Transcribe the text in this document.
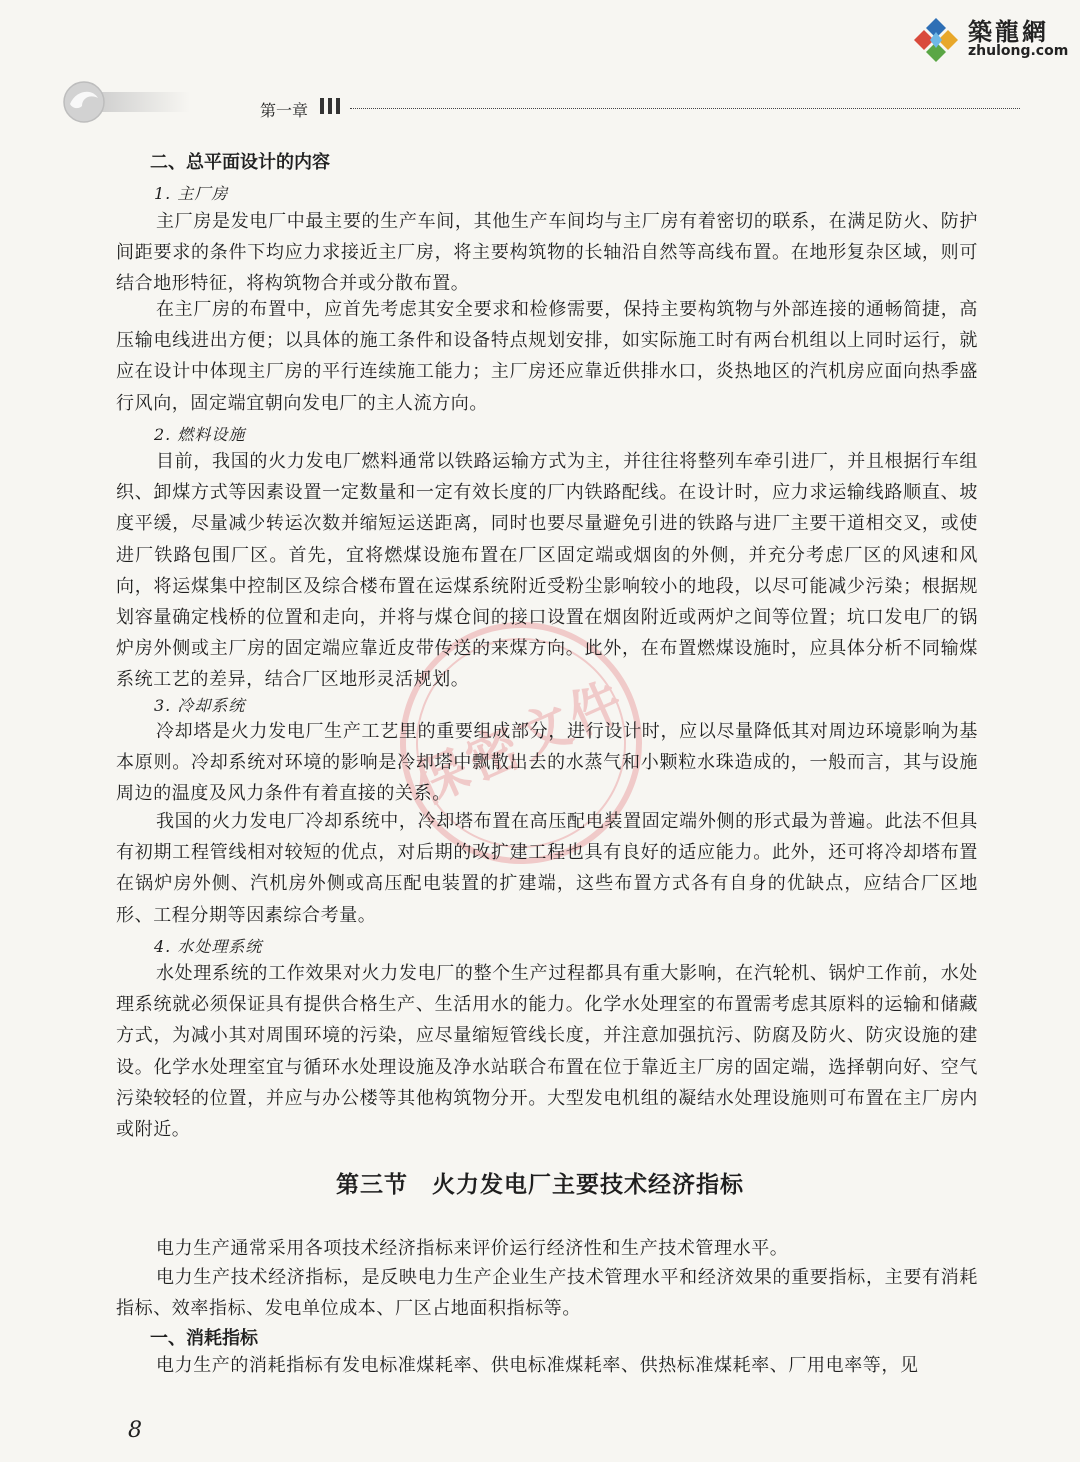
築龍網
zhulong.com
第一章
保密文件
二、总平面设计的内容
1. 主厂房

主厂房是发电厂中最主要的生产车间，其他生产车间均与主厂房有着密切的联系，在满足防火、防护间距要求的条件下均应力求接近主厂房，将主要构筑物的长轴沿自然等高线布置。在地形复杂区域，则可结合地形特征，将构筑物合并或分散布置。

在主厂房的布置中，应首先考虑其安全要求和检修需要，保持主要构筑物与外部连接的通畅简捷，高压输电线进出方便；以具体的施工条件和设备特点规划安排，如实际施工时有两台机组以上同时运行，就应在设计中体现主厂房的平行连续施工能力；主厂房还应靠近供排水口，炎热地区的汽机房应面向热季盛行风向，固定端宜朝向发电厂的主人流方向。

2. 燃料设施

目前，我国的火力发电厂燃料通常以铁路运输方式为主，并往往将整列车牵引进厂，并且根据行车组织、卸煤方式等因素设置一定数量和一定有效长度的厂内铁路配线。在设计时，应力求运输线路顺直、坡度平缓，尽量减少转运次数并缩短运送距离，同时也要尽量避免引进的铁路与进厂主要干道相交叉，或使进厂铁路包围厂区。首先，宜将燃煤设施布置在厂区固定端或烟囱的外侧，并充分考虑厂区的风速和风向，将运煤集中控制区及综合楼布置在运煤系统附近受粉尘影响较小的地段，以尽可能减少污染；根据规划容量确定栈桥的位置和走向，并将与煤仓间的接口设置在烟囱附近或两炉之间等位置；坑口发电厂的锅炉房外侧或主厂房的固定端应靠近皮带传送的来煤方向。此外，在布置燃煤设施时，应具体分析不同输煤系统工艺的差异，结合厂区地形灵活规划。

3. 冷却系统

冷却塔是火力发电厂生产工艺里的重要组成部分，进行设计时，应以尽量降低其对周边环境影响为基本原则。冷却系统对环境的影响是冷却塔中飘散出去的水蒸气和小颗粒水珠造成的，一般而言，其与设施周边的温度及风力条件有着直接的关系。

我国的火力发电厂冷却系统中，冷却塔布置在高压配电装置固定端外侧的形式最为普遍。此法不但具有初期工程管线相对较短的优点，对后期的改扩建工程也具有良好的适应能力。此外，还可将冷却塔布置在锅炉房外侧、汽机房外侧或高压配电装置的扩建端，这些布置方式各有自身的优缺点，应结合厂区地形、工程分期等因素综合考量。

4. 水处理系统

水处理系统的工作效果对火力发电厂的整个生产过程都具有重大影响，在汽轮机、锅炉工作前，水处理系统就必须保证具有提供合格生产、生活用水的能力。化学水处理室的布置需考虑其原料的运输和储藏方式，为减小其对周围环境的污染，应尽量缩短管线长度，并注意加强抗污、防腐及防火、防灾设施的建设。化学水处理室宜与循环水处理设施及净水站联合布置在位于靠近主厂房的固定端，选择朝向好、空气污染较轻的位置，并应与办公楼等其他构筑物分开。大型发电机组的凝结水处理设施则可布置在主厂房内或附近。

第三节　火力发电厂主要技术经济指标

电力生产通常采用各项技术经济指标来评价运行经济性和生产技术管理水平。

电力生产技术经济指标，是反映电力生产企业生产技术管理水平和经济效果的重要指标，主要有消耗指标、效率指标、发电单位成本、厂区占地面积指标等。

一、消耗指标

电力生产的消耗指标有发电标准煤耗率、供电标准煤耗率、供热标准煤耗率、厂用电率等，见

8
